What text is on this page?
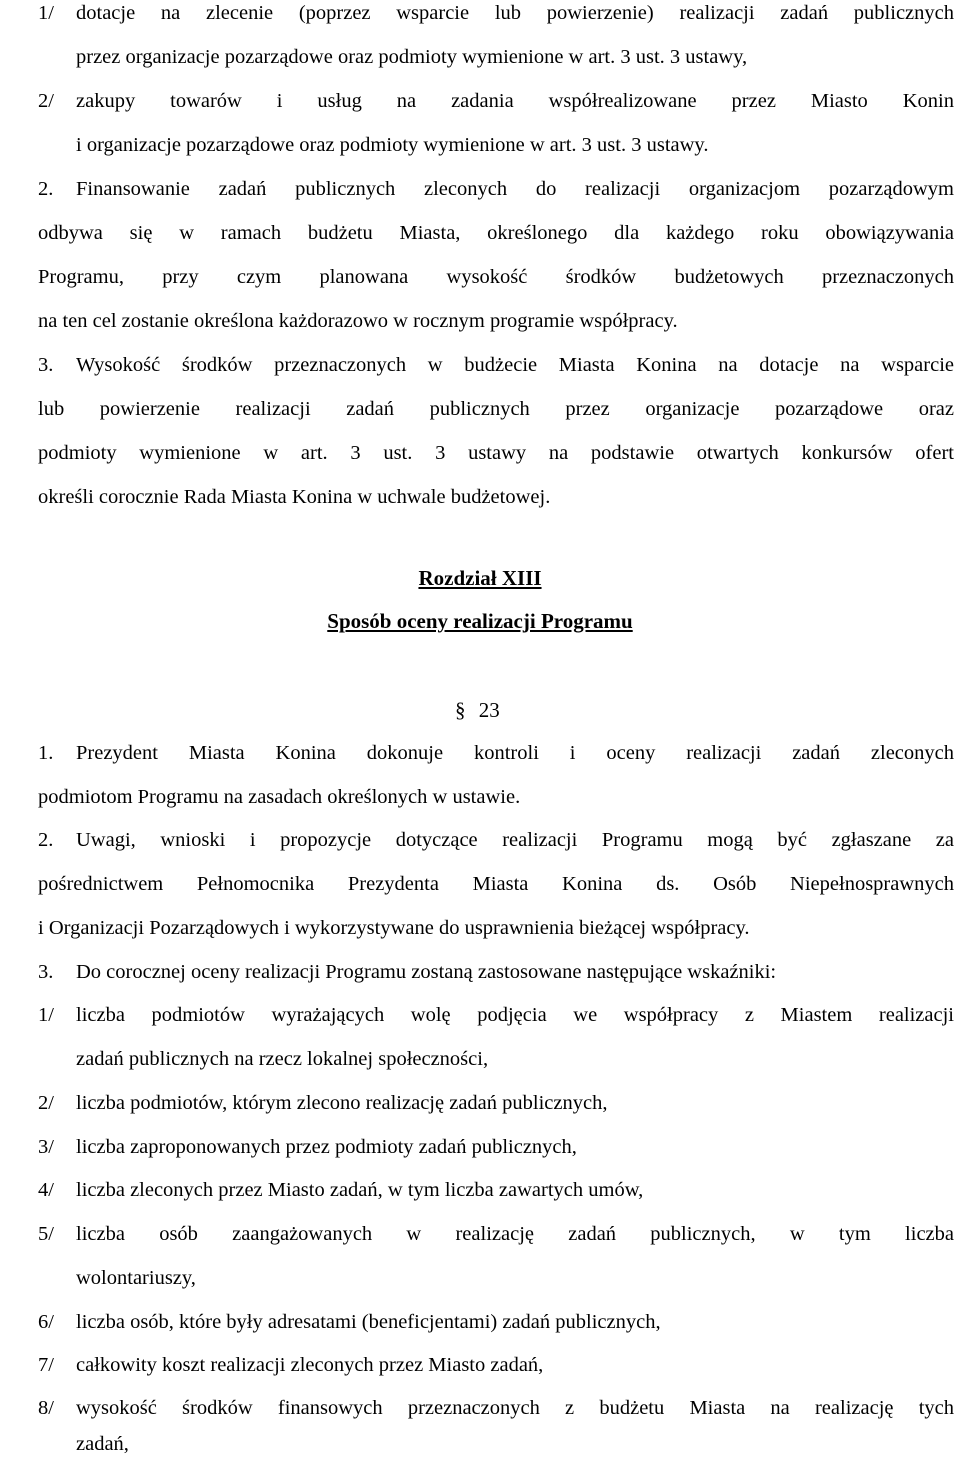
1/ dotacje na zlecenie (poprzez wsparcie lub powierzenie) realizacji zadań publicznych
przez organizacje pozarządowe oraz podmioty wymienione w art. 3 ust. 3 ustawy,
2/ zakupy towarów i usług na zadania współrealizowane przez Miasto Konin
i organizacje pozarządowe oraz podmioty wymienione w art. 3 ust. 3 ustawy.
2. Finansowanie zadań publicznych zleconych do realizacji organizacjom pozarządowym
odbywa się w ramach budżetu Miasta, określonego dla każdego roku obowiązywania
Programu, przy czym planowana wysokość środków budżetowych przeznaczonych
na ten cel zostanie określona każdorazowo w rocznym programie współpracy.
3. Wysokość środków przeznaczonych w budżecie Miasta Konina na dotacje na wsparcie
lub powierzenie realizacji zadań publicznych przez organizacje pozarządowe oraz
podmioty wymienione w art. 3 ust. 3 ustawy na podstawie otwartych konkursów ofert
określi corocznie Rada Miasta Konina w uchwale budżetowej.
Rozdział XIII
Sposób oceny realizacji Programu
§ 23
1. Prezydent Miasta Konina dokonuje kontroli i oceny realizacji zadań zleconych
podmiotom Programu na zasadach określonych w ustawie.
2. Uwagi, wnioski i propozycje dotyczące realizacji Programu mogą być zgłaszane za
pośrednictwem Pełnomocnika Prezydenta Miasta Konina ds. Osób Niepełnosprawnych
i Organizacji Pozarządowych i wykorzystywane do usprawnienia bieżącej współpracy.
3. Do corocznej oceny realizacji Programu zostaną zastosowane następujące wskaźniki:
1/ liczba podmiotów wyrażających wolę podjęcia we współpracy z Miastem realizacji
zadań publicznych na rzecz lokalnej społeczności,
2/ liczba podmiotów, którym zlecono realizację zadań publicznych,
3/ liczba zaproponowanych przez podmioty zadań publicznych,
4/ liczba zleconych przez Miasto zadań, w tym liczba zawartych umów,
5/ liczba osób zaangażowanych w realizację zadań publicznych, w tym liczba
wolontariuszy,
6/ liczba osób, które były adresatami (beneficjentami) zadań publicznych,
7/ całkowity koszt realizacji zleconych przez Miasto zadań,
8/ wysokość środków finansowych przeznaczonych z budżetu Miasta na realizację tych
zadań,
